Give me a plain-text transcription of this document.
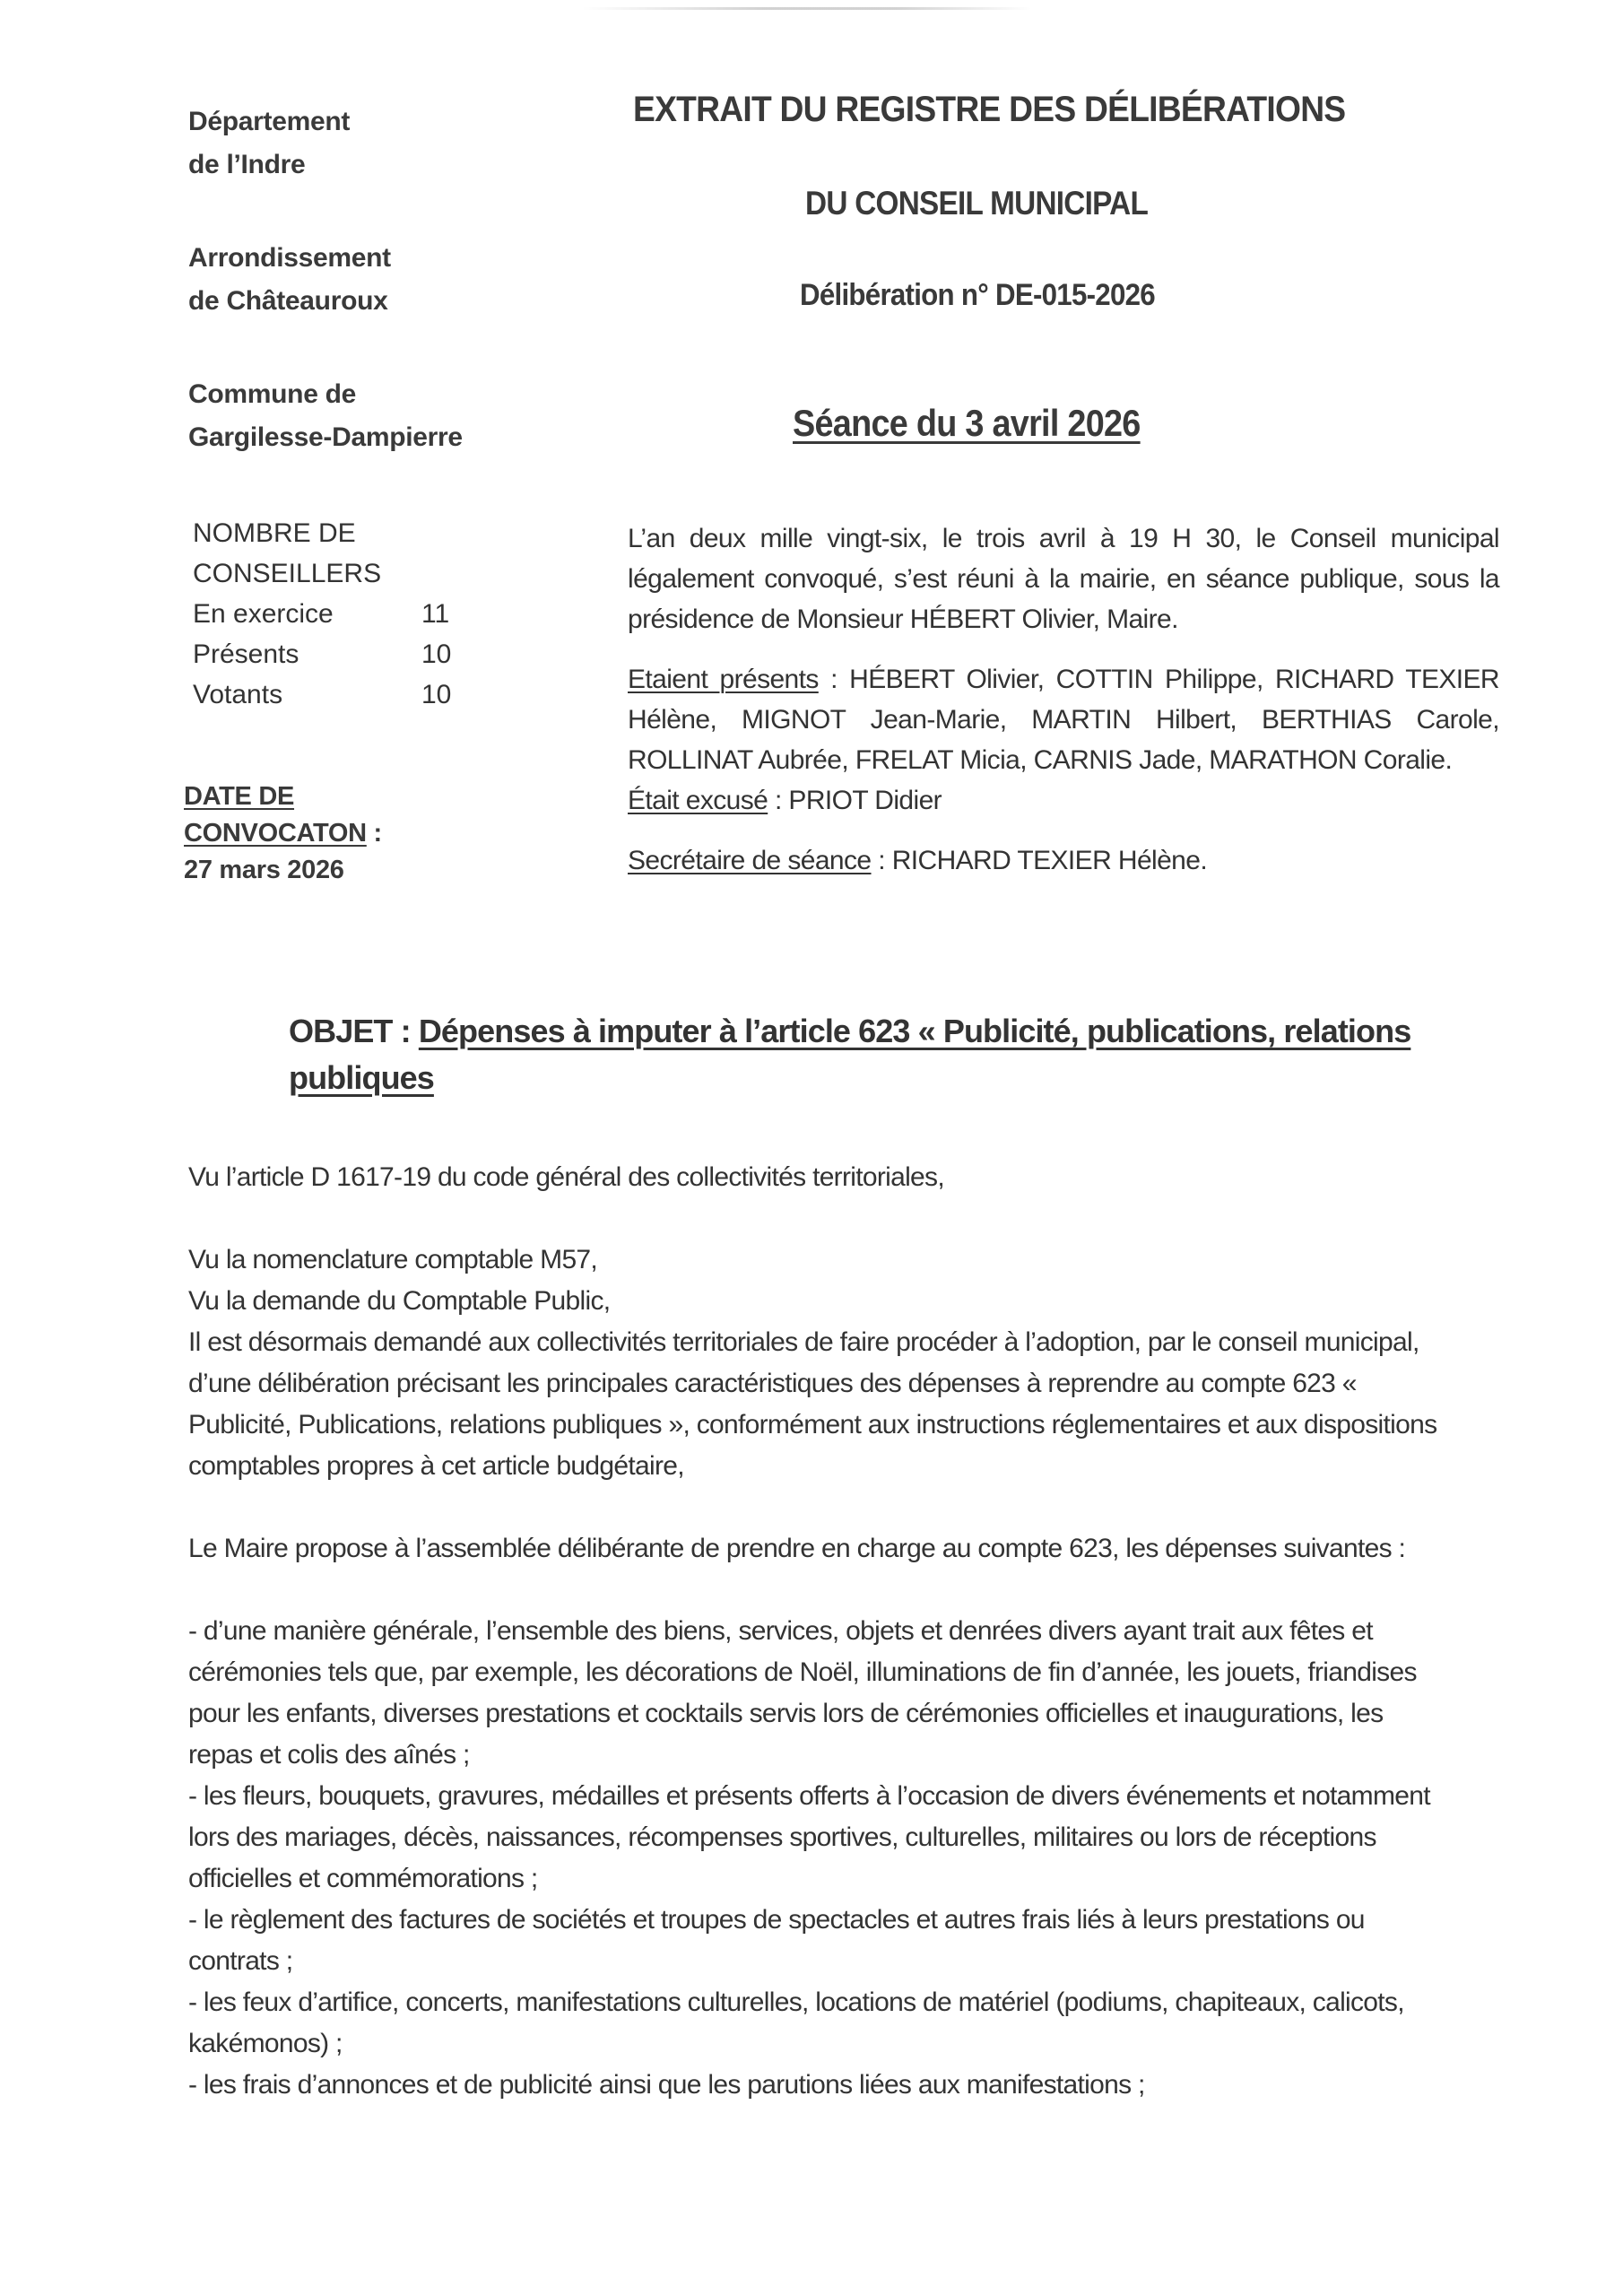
Département
de l’Indre
Arrondissement
de Châteauroux
Commune de
Gargilesse-Dampierre
EXTRAIT DU REGISTRE DES DÉLIBÉRATIONS
DU CONSEIL MUNICIPAL
Délibération n° DE-015-2026
Séance du 3 avril 2026
NOMBRE DE
CONSEILLERS
En exercice	11
Présents	10
Votants	10
DATE DE
CONVOCATON :
27 mars 2026

L’an deux mille vingt-six, le trois avril à 19 H 30, le Conseil municipal légalement convoqué, s’est réuni à la mairie, en séance publique, sous la présidence de Monsieur HÉBERT Olivier, Maire.

Etaient présents : HÉBERT Olivier, COTTIN Philippe, RICHARD TEXIER Hélène, MIGNOT Jean-Marie, MARTIN Hilbert, BERTHIAS Carole, ROLLINAT Aubrée, FRELAT Micia, CARNIS Jade, MARATHON Coralie.

Était excusé : PRIOT Didier

Secrétaire de séance : RICHARD TEXIER Hélène.

OBJET : Dépenses à imputer à l’article 623 « Publicité, publications, relations publiques

Vu l’article D 1617-19 du code général des collectivités territoriales,

Vu la nomenclature comptable M57,

Vu la demande du Comptable Public,

Il est désormais demandé aux collectivités territoriales de faire procéder à l’adoption, par le conseil municipal, d’une délibération précisant les principales caractéristiques des dépenses à reprendre au compte 623 « Publicité, Publications, relations publiques », conformément aux instructions réglementaires et aux dispositions comptables propres à cet article budgétaire,

Le Maire propose à l’assemblée délibérante de prendre en charge au compte 623, les dépenses suivantes :

- d’une manière générale, l’ensemble des biens, services, objets et denrées divers ayant trait aux fêtes et cérémonies tels que, par exemple, les décorations de Noël, illuminations de fin d’année, les jouets, friandises pour les enfants, diverses prestations et cocktails servis lors de cérémonies officielles et inaugurations, les repas et colis des aînés ;

- les fleurs, bouquets, gravures, médailles et présents offerts à l’occasion de divers événements et notamment lors des mariages, décès, naissances, récompenses sportives, culturelles, militaires ou lors de réceptions officielles et commémorations ;

- le règlement des factures de sociétés et troupes de spectacles et autres frais liés à leurs prestations ou contrats ;

- les feux d’artifice, concerts, manifestations culturelles, locations de matériel (podiums, chapiteaux, calicots, kakémonos) ;

- les frais d’annonces et de publicité ainsi que les parutions liées aux manifestations ;
